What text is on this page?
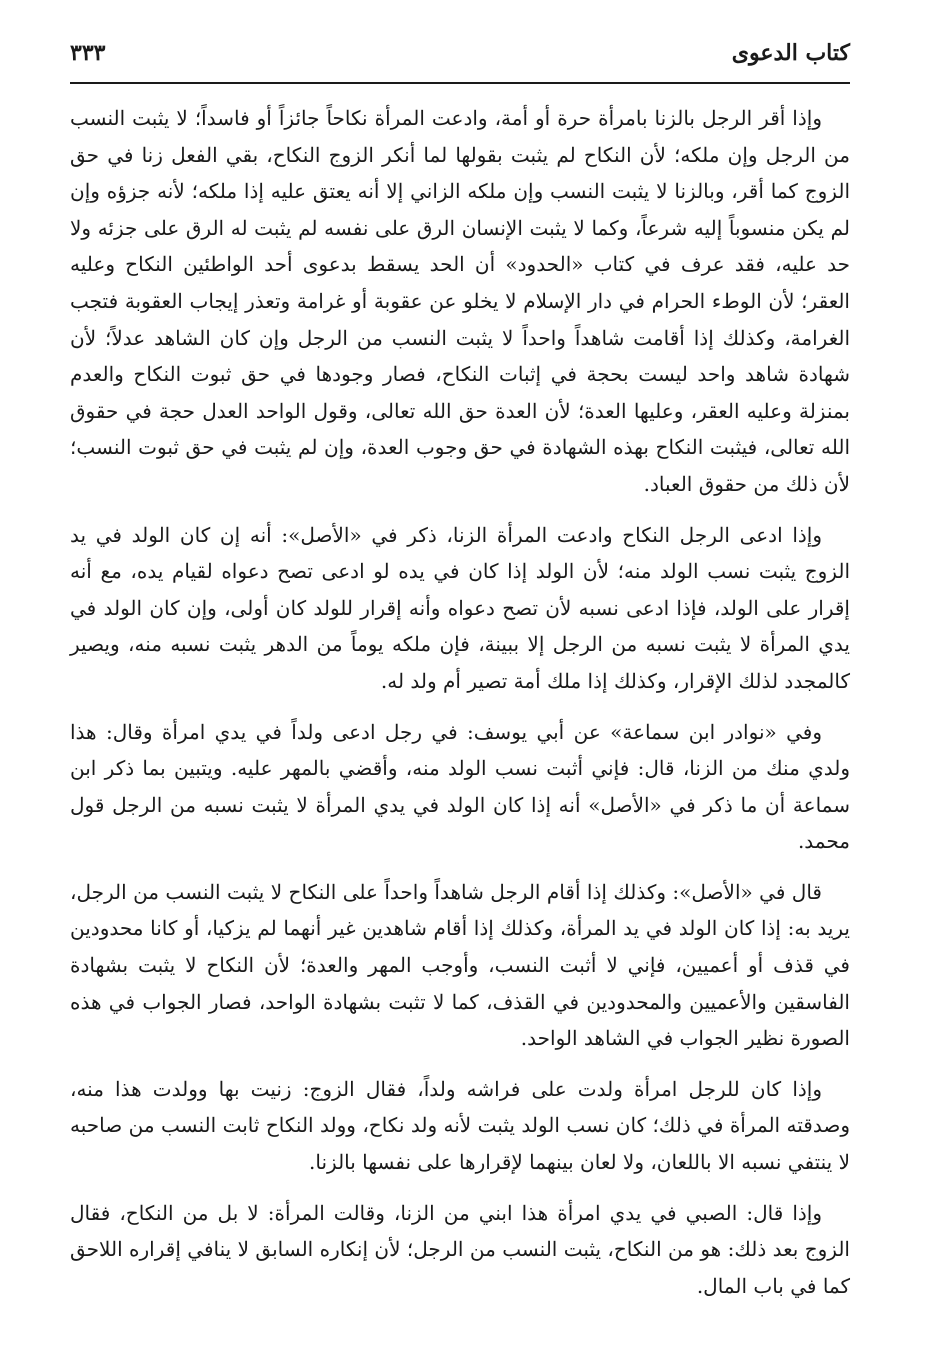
كتاب الدعوى
٣٣٣

وإذا أقر الرجل بالزنا بامرأة حرة أو أمة، وادعت المرأة نكاحاً جائزاً أو فاسداً؛ لا يثبت النسب من الرجل وإن ملكه؛ لأن النكاح لم يثبت بقولها لما أنكر الزوج النكاح، بقي الفعل زنا في حق الزوج كما أقر، وبالزنا لا يثبت النسب وإن ملكه الزاني إلا أنه يعتق عليه إذا ملكه؛ لأنه جزؤه وإن لم يكن منسوباً إليه شرعاً، وكما لا يثبت الإنسان الرق على نفسه لم يثبت له الرق على جزئه ولا حد عليه، فقد عرف في كتاب «الحدود» أن الحد يسقط بدعوى أحد الواطئين النكاح وعليه العقر؛ لأن الوطء الحرام في دار الإسلام لا يخلو عن عقوبة أو غرامة وتعذر إيجاب العقوبة فتجب الغرامة، وكذلك إذا أقامت شاهداً واحداً لا يثبت النسب من الرجل وإن كان الشاهد عدلاً؛ لأن شهادة شاهد واحد ليست بحجة في إثبات النكاح، فصار وجودها في حق ثبوت النكاح والعدم بمنزلة وعليه العقر، وعليها العدة؛ لأن العدة حق الله تعالى، وقول الواحد العدل حجة في حقوق الله تعالى، فيثبت النكاح بهذه الشهادة في حق وجوب العدة، وإن لم يثبت في حق ثبوت النسب؛ لأن ذلك من حقوق العباد.

وإذا ادعى الرجل النكاح وادعت المرأة الزنا، ذكر في «الأصل»: أنه إن كان الولد في يد الزوج يثبت نسب الولد منه؛ لأن الولد إذا كان في يده لو ادعى تصح دعواه لقيام يده، مع أنه إقرار على الولد، فإذا ادعى نسبه لأن تصح دعواه وأنه إقرار للولد كان أولى، وإن كان الولد في يدي المرأة لا يثبت نسبه من الرجل إلا ببينة، فإن ملكه يوماً من الدهر يثبت نسبه منه، ويصير كالمجدد لذلك الإقرار، وكذلك إذا ملك أمة تصير أم ولد له.

وفي «نوادر ابن سماعة» عن أبي يوسف: في رجل ادعى ولداً في يدي امرأة وقال: هذا ولدي منك من الزنا، قال: فإني أثبت نسب الولد منه، وأقضي بالمهر عليه. ويتبين بما ذكر ابن سماعة أن ما ذكر في «الأصل» أنه إذا كان الولد في يدي المرأة لا يثبت نسبه من الرجل قول محمد.

قال في «الأصل»: وكذلك إذا أقام الرجل شاهداً واحداً على النكاح لا يثبت النسب من الرجل، يريد به: إذا كان الولد في يد المرأة، وكذلك إذا أقام شاهدين غير أنهما لم يزكيا، أو كانا محدودين في قذف أو أعميين، فإني لا أثبت النسب، وأوجب المهر والعدة؛ لأن النكاح لا يثبت بشهادة الفاسقين والأعميين والمحدودين في القذف، كما لا تثبت بشهادة الواحد، فصار الجواب في هذه الصورة نظير الجواب في الشاهد الواحد.

وإذا كان للرجل امرأة ولدت على فراشه ولداً، فقال الزوج: زنيت بها وولدت هذا منه، وصدقته المرأة في ذلك؛ كان نسب الولد يثبت لأنه ولد نكاح، وولد النكاح ثابت النسب من صاحبه لا ينتفي نسبه الا باللعان، ولا لعان بينهما لإقرارها على نفسها بالزنا.

وإذا قال: الصبي في يدي امرأة هذا ابني من الزنا، وقالت المرأة: لا بل من النكاح، فقال الزوج بعد ذلك: هو من النكاح، يثبت النسب من الرجل؛ لأن إنكاره السابق لا ينافي إقراره اللاحق كما في باب المال.
